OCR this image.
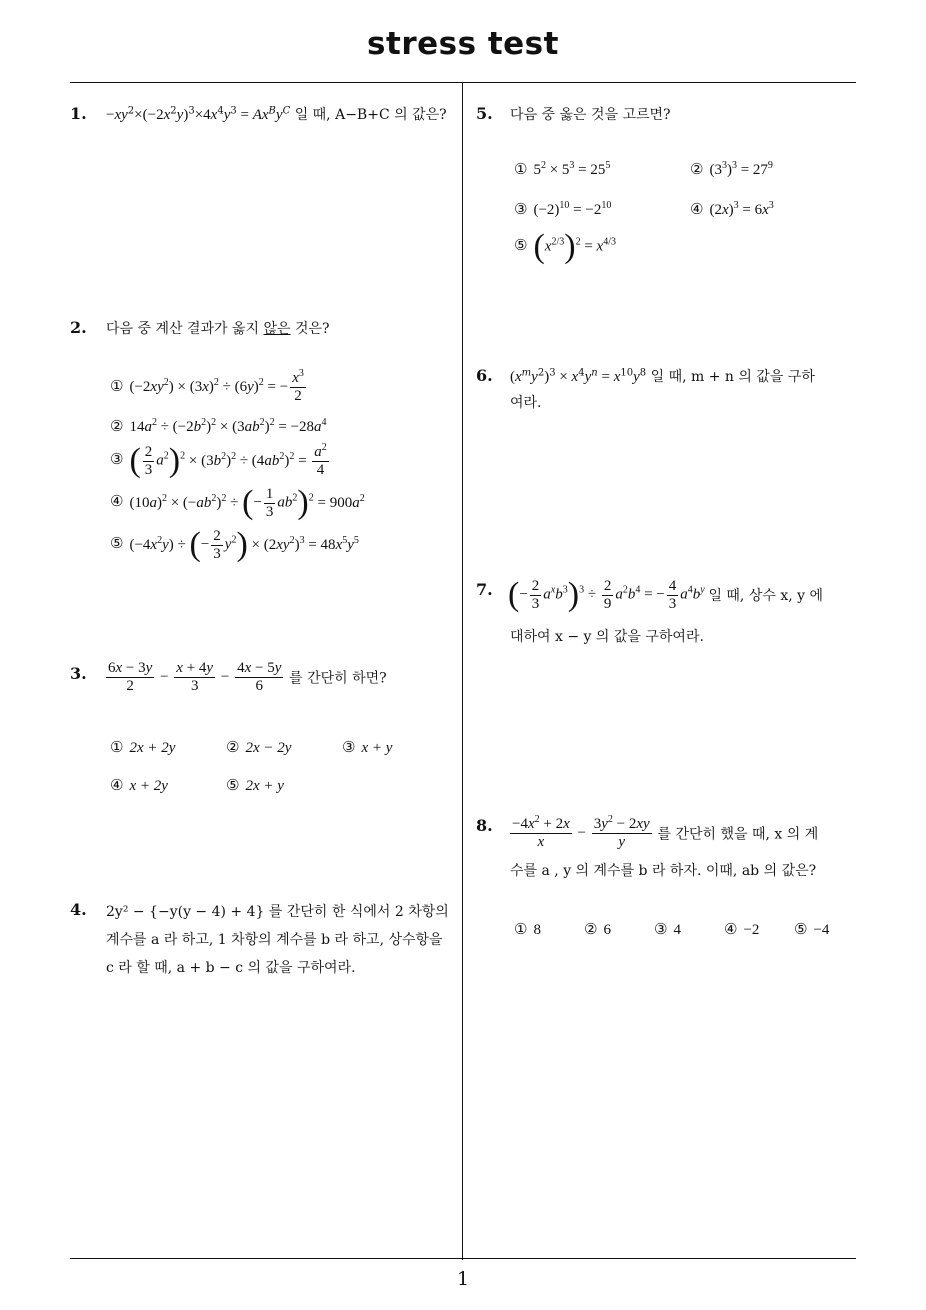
stress test
1
1. $-xy^2\times(-2x^2y)^3\times 4x^4y^3 = Ax^By^C$ 일 때, A−B+C 의 값은?
2. 다음 중 계산 결과가 옳지 않은 것은?
① $(-2xy^2) \times (3x)^2 \div (6y)^2$ = − $\frac{x^3}{2}$
② $14a^2 \div (-2b^2)^2 \times (3ab^2)^2 = -28a^4$
③ ( $\frac{2}{3} a^2)^2 \times (3b^2)^2 \div (4ab^2)^2 = \frac{a^2}{4}$
④ $(10a)^2 \times (-ab^2)^2$ ÷ (− $\frac{1}{3} ab^2)^2 = 900a^2$
⑤ $(-4x^2y)$ ÷ (− $\frac{2}{3} y^2) \times (2xy^2)^3 = 48x^5y^5$
3. $\frac{6x - 3y}{2} - \frac{x + 4y}{3} - \frac{4x - 5y}{6}$ 를 간단히 하면?
① 2x + 2y	② 2x − 2y	③ x + y
④ x + 2y	⑤ 2x + y
4. 2y² − {−y(y − 4) + 4} 를 간단히 한 식에서 2 차항의
계수를 a 라 하고, 1 차항의 계수를 b 라 하고, 상수항을
c 라 할 때, a + b − c 의 값을 구하여라.
5. 다음 중 옳은 것을 고르면?
① $5^2 \times 5^3 = 25^5$	② $(3^3)^3 = 27^9$
③ $(-2)^{10} = -2^{10}$	④ $(2x)^3 = 6x^3$
⑤ $(x^{2/3})^2 = x^{4/3}$
6. $(x^my^2)^3 \times x^4y^n = x^{10}y^8$ 일 때, m + n 의 값을 구하
여라.
7. (− $\frac{2}{3} a^xb^3)^3 \div \frac{2}{9} a^2b^4$ = − $\frac{4}{3} a^4b^y$ 일 때, 상수 x, y 에
대하여 x − y 의 값을 구하여라.
8. $\frac{-4x^2 + 2x}{x} - \frac{3y^2 - 2xy}{y}$ 를 간단히 했을 때, x 의 계
수를 a , y 의 계수를 b 라 하자. 이때, ab 의 값은?
① 8	② 6	③ 4	④ −2 ⑤ −4
